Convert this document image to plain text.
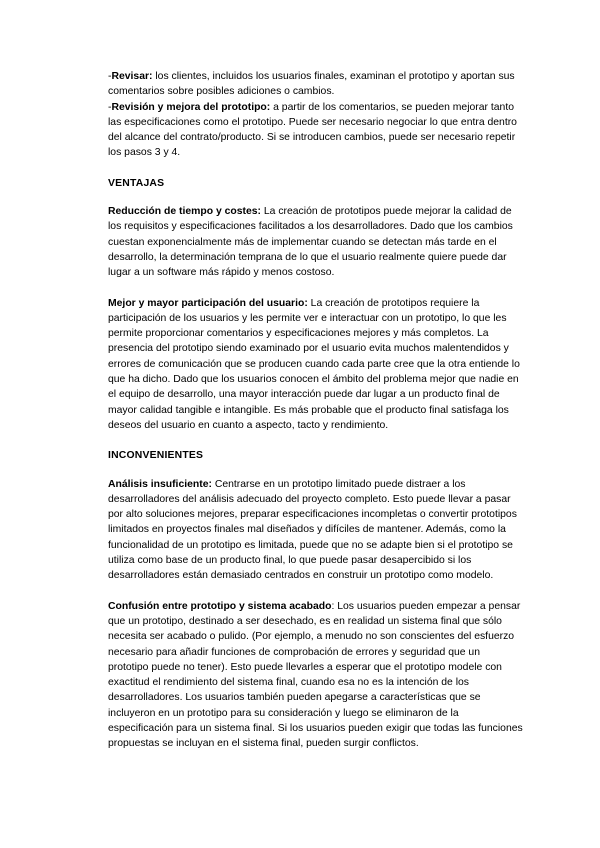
-Revisar: los clientes, incluidos los usuarios finales, examinan el prototipo y aportan sus comentarios sobre posibles adiciones o cambios.

-Revisión y mejora del prototipo: a partir de los comentarios, se pueden mejorar tanto las especificaciones como el prototipo. Puede ser necesario negociar lo que entra dentro del alcance del contrato/producto. Si se introducen cambios, puede ser necesario repetir los pasos 3 y 4.

VENTAJAS

Reducción de tiempo y costes: La creación de prototipos puede mejorar la calidad de los requisitos y especificaciones facilitados a los desarrolladores. Dado que los cambios cuestan exponencialmente más de implementar cuando se detectan más tarde en el desarrollo, la determinación temprana de lo que el usuario realmente quiere puede dar lugar a un software más rápido y menos costoso.

Mejor y mayor participación del usuario: La creación de prototipos requiere la participación de los usuarios y les permite ver e interactuar con un prototipo, lo que les permite proporcionar comentarios y especificaciones mejores y más completos. La presencia del prototipo siendo examinado por el usuario evita muchos malentendidos y errores de comunicación que se producen cuando cada parte cree que la otra entiende lo que ha dicho. Dado que los usuarios conocen el ámbito del problema mejor que nadie en el equipo de desarrollo, una mayor interacción puede dar lugar a un producto final de mayor calidad tangible e intangible. Es más probable que el producto final satisfaga los deseos del usuario en cuanto a aspecto, tacto y rendimiento.

INCONVENIENTES

Análisis insuficiente: Centrarse en un prototipo limitado puede distraer a los desarrolladores del análisis adecuado del proyecto completo. Esto puede llevar a pasar por alto soluciones mejores, preparar especificaciones incompletas o convertir prototipos limitados en proyectos finales mal diseñados y difíciles de mantener. Además, como la funcionalidad de un prototipo es limitada, puede que no se adapte bien si el prototipo se utiliza como base de un producto final, lo que puede pasar desapercibido si los desarrolladores están demasiado centrados en construir un prototipo como modelo.

Confusión entre prototipo y sistema acabado: Los usuarios pueden empezar a pensar que un prototipo, destinado a ser desechado, es en realidad un sistema final que sólo necesita ser acabado o pulido. (Por ejemplo, a menudo no son conscientes del esfuerzo necesario para añadir funciones de comprobación de errores y seguridad que un prototipo puede no tener). Esto puede llevarles a esperar que el prototipo modele con exactitud el rendimiento del sistema final, cuando esa no es la intención de los desarrolladores. Los usuarios también pueden apegarse a características que se incluyeron en un prototipo para su consideración y luego se eliminaron de la especificación para un sistema final. Si los usuarios pueden exigir que todas las funciones propuestas se incluyan en el sistema final, pueden surgir conflictos.
